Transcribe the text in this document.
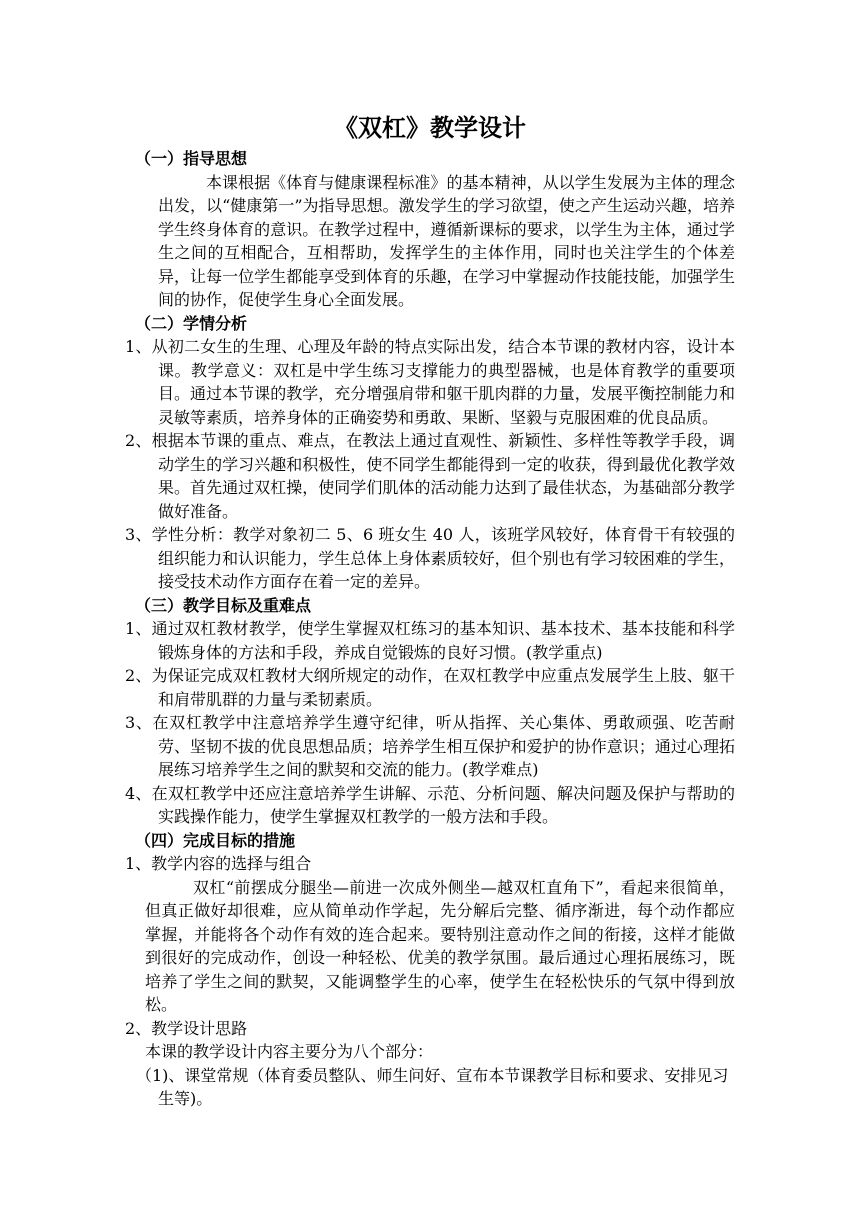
《双杠》教学设计

（一）指导思想

本课根据《体育与健康课程标准》的基本精神，从以学生发展为主体的理念出发，以“健康第一”为指导思想。激发学生的学习欲望，使之产生运动兴趣，培养学生终身体育的意识。在教学过程中，遵循新课标的要求，以学生为主体，通过学生之间的互相配合，互相帮助，发挥学生的主体作用，同时也关注学生的个体差异，让每一位学生都能享受到体育的乐趣，在学习中掌握动作技能技能，加强学生间的协作，促使学生身心全面发展。

（二）学情分析

1、从初二女生的生理、心理及年龄的特点实际出发，结合本节课的教材内容，设计本课。教学意义：双杠是中学生练习支撑能力的典型器械，也是体育教学的重要项目。通过本节课的教学，充分增强肩带和躯干肌肉群的力量，发展平衡控制能力和灵敏等素质，培养身体的正确姿势和勇敢、果断、坚毅与克服困难的优良品质。

2、根据本节课的重点、难点，在教法上通过直观性、新颖性、多样性等教学手段，调动学生的学习兴趣和积极性，使不同学生都能得到一定的收获，得到最优化教学效果。首先通过双杠操，使同学们肌体的活动能力达到了最佳状态，为基础部分教学做好准备。

3、学性分析：教学对象初二 5、6 班女生 40 人，该班学风较好，体育骨干有较强的组织能力和认识能力，学生总体上身体素质较好，但个别也有学习较困难的学生，接受技术动作方面存在着一定的差异。

（三）教学目标及重难点

1、通过双杠教材教学，使学生掌握双杠练习的基本知识、基本技术、基本技能和科学锻炼身体的方法和手段，养成自觉锻炼的良好习惯。(教学重点)

2、为保证完成双杠教材大纲所规定的动作，在双杠教学中应重点发展学生上肢、躯干和肩带肌群的力量与柔韧素质。

3、在双杠教学中注意培养学生遵守纪律，听从指挥、关心集体、勇敢顽强、吃苦耐劳、坚韧不拔的优良思想品质；培养学生相互保护和爱护的协作意识；通过心理拓展练习培养学生之间的默契和交流的能力。(教学难点)

4、在双杠教学中还应注意培养学生讲解、示范、分析问题、解决问题及保护与帮助的实践操作能力，使学生掌握双杠教学的一般方法和手段。

（四）完成目标的措施

1、教学内容的选择与组合

双杠“前摆成分腿坐—前进一次成外侧坐—越双杠直角下”，看起来很简单，但真正做好却很难，应从简单动作学起，先分解后完整、循序渐进，每个动作都应掌握，并能将各个动作有效的连合起来。要特别注意动作之间的衔接，这样才能做到很好的完成动作，创设一种轻松、优美的教学氛围。最后通过心理拓展练习，既培养了学生之间的默契，又能调整学生的心率，使学生在轻松快乐的气氛中得到放松。

2、教学设计思路

本课的教学设计内容主要分为八个部分：

（1)、课堂常规（体育委员整队、师生问好、宣布本节课教学目标和要求、安排见习生等)。
